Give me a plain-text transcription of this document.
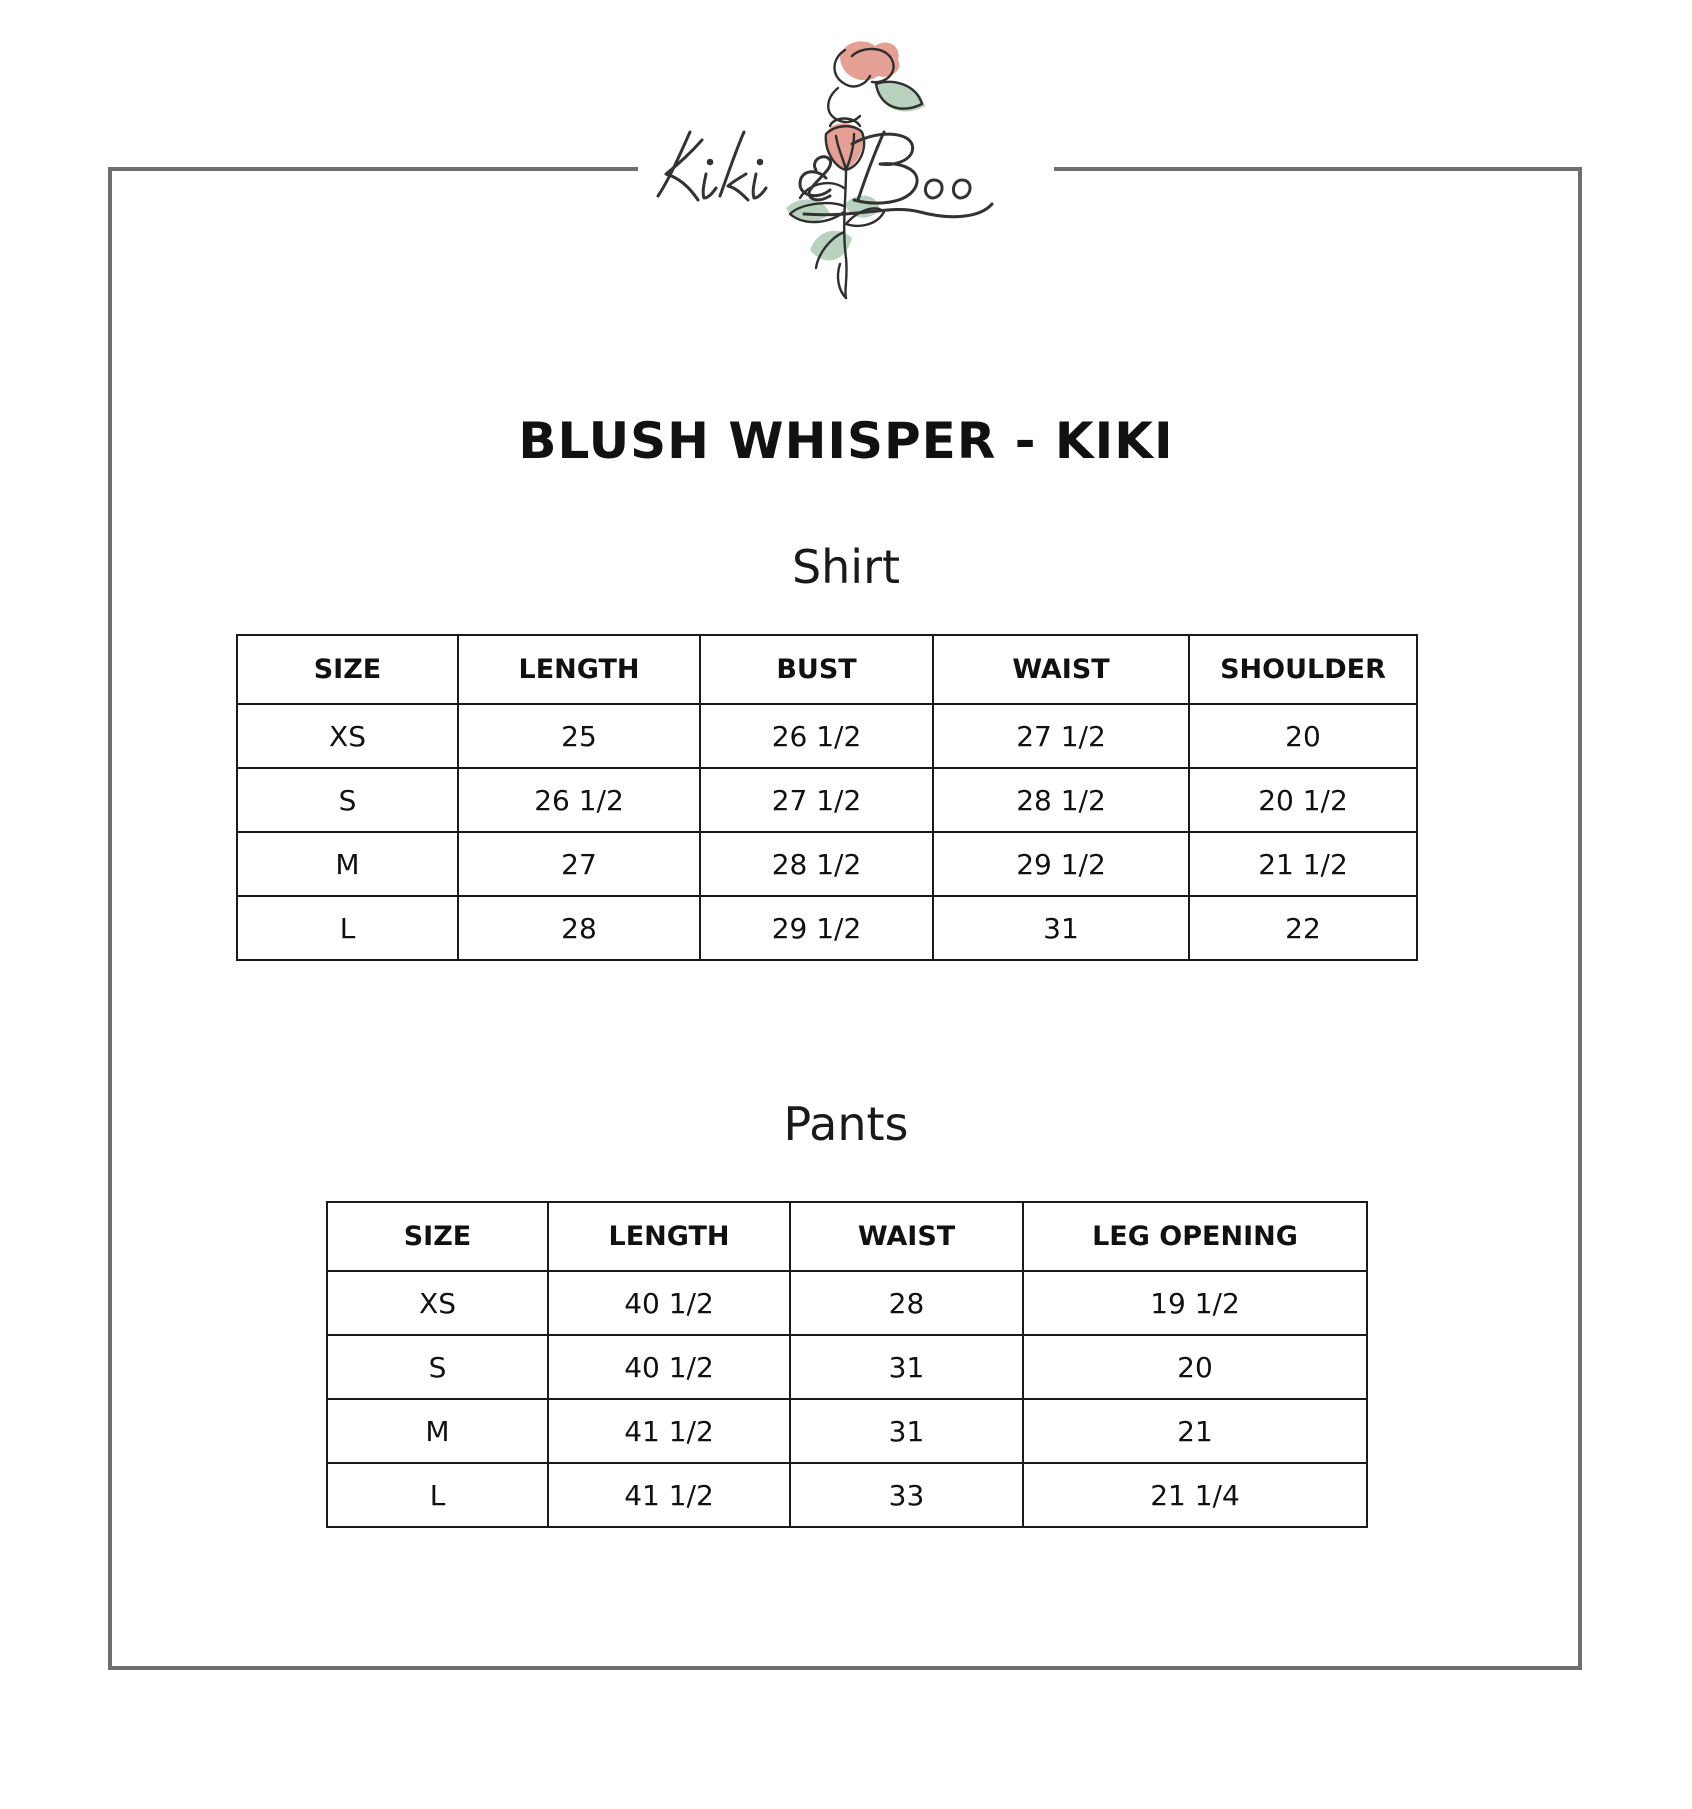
BLUSH WHISPER - KIKI
Shirt
SIZE	LENGTH	BUST	WAIST	SHOULDER
XS	25	26 1/2	27 1/2	20
S	26 1/2	27 1/2	28 1/2	20 1/2
M	27	28 1/2	29 1/2	21 1/2
L	28	29 1/2	31	22
Pants
SIZE	LENGTH	WAIST	LEG OPENING
XS	40 1/2	28	19 1/2
S	40 1/2	31	20
M	41 1/2	31	21
L	41 1/2	33	21 1/4
